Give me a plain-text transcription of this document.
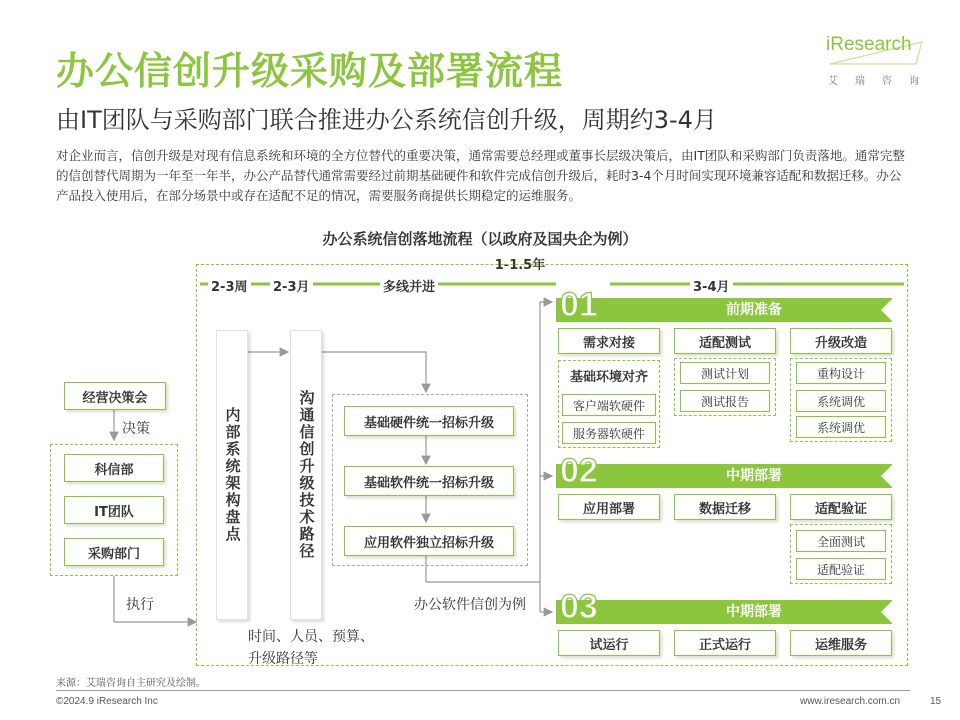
办公信创升级采购及部署流程
由IT团队与采购部门联合推进办公系统信创升级，周期约3-4月
对企业而言，信创升级是对现有信息系统和环境的全方位替代的重要决策，通常需要总经理或董事长层级决策后，由IT团队和采购部门负责落地。通常完整的信创替代周期为一年至一年半，办公产品替代通常需要经过前期基础硬件和软件完成信创升级后，耗时3-4个月时间实现环境兼容适配和数据迁移。办公产品投入使用后，在部分场景中或存在适配不足的情况，需要服务商提供长期稳定的运维服务。
iResearch
艾瑞咨询
办公系统信创落地流程（以政府及国央企为例）
1-1.5年
2-3周 2-3月	多线并进	3-4月
经营决策会
决策
科信部
IT团队
采购部门
执行
内部系统架构盘点	沟通信创升级技术路径
时间、人员、预算、升级路径等
基础硬件统一招标升级
基础软件统一招标升级
应用软件独立招标升级
办公软件信创为例
前期准备
01
需求对接
基础环境对齐
客户端软硬件
服务器软硬件
适配测试
测试计划
测试报告
升级改造
重构设计
系统调优
系统调优
中期部署
02
应用部署	数据迁移	适配验证
全面测试
适配验证
中期部署
03
试运行	正式运行	运维服务
来源：艾瑞咨询自主研究及绘制。
©2024.9 iResearch Inc	www.iresearch.com.cn	15
